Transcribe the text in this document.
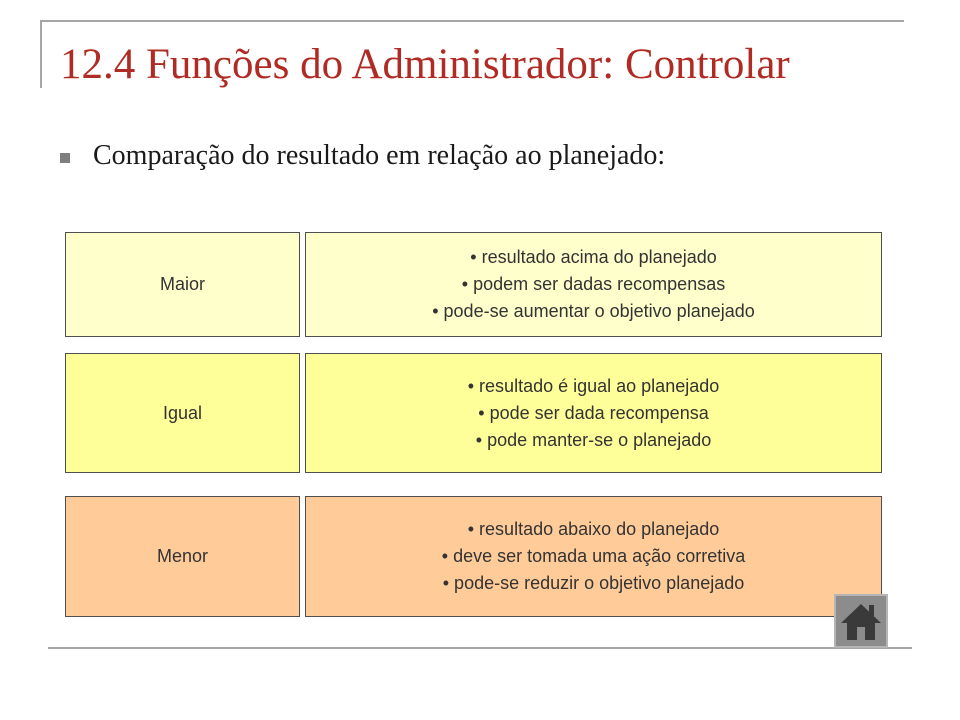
12.4 Funções do Administrador: Controlar
Comparação do resultado em relação ao planejado:
Maior
• resultado acima do planejado
• podem ser dadas recompensas
• pode-se aumentar o objetivo planejado
Igual
• resultado é igual ao planejado
• pode ser dada recompensa
• pode manter-se o planejado
Menor
• resultado abaixo do planejado
• deve ser tomada uma ação corretiva
• pode-se reduzir o objetivo planejado
